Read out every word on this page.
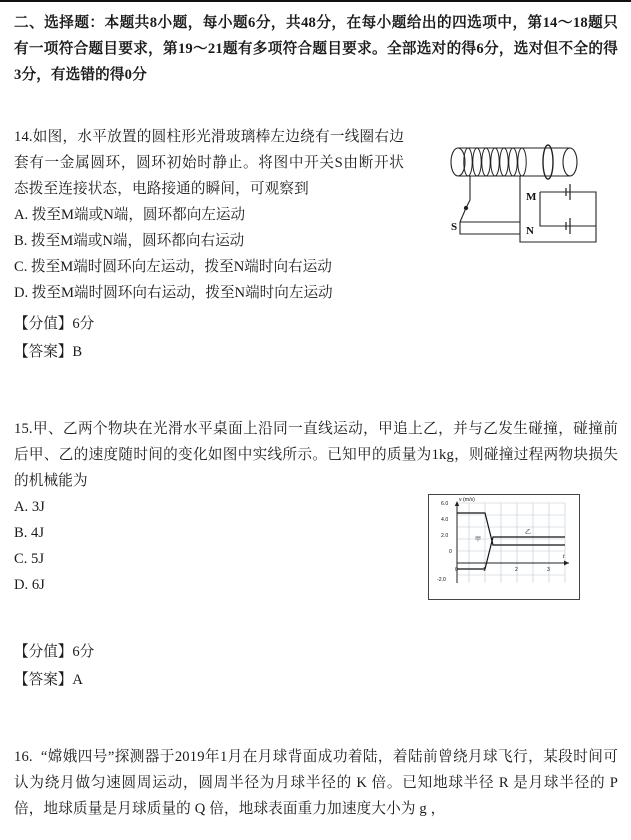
二、选择题：本题共8小题，每小题6分，共48分，在每小题给出的四选项中，第14～18题只有一项符合题目要求，第19～21题有多项符合题目要求。全部选对的得6分，选对但不全的得3分，有选错的得0分

M
N
S

14.如图，水平放置的圆柱形光滑玻璃棒左边绕有一线圈右边套有一金属圆环，圆环初始时静止。将图中开关S由断开状态拨至连接状态，电路接通的瞬间，可观察到

A. 拨至M端或N端，圆环都向左运动

B. 拨至M端或N端，圆环都向右运动

C. 拨至M端时圆环向左运动，拨至N端时向右运动

D. 拨至M端时圆环向右运动，拨至N端时向左运动

【分值】6分

【答案】B

15.甲、乙两个物块在光滑水平桌面上沿同一直线运动，甲追上乙，并与乙发生碰撞，碰撞前后甲、乙的速度随时间的变化如图中实线所示。已知甲的质量为1kg，则碰撞过程两物块损失的机械能为

A. 3J

B. 4J

C. 5J

D. 6J

6.0
4.0
2.0
0
-2.0
v (m/s)
0	1	2	3
t
甲
乙

【分值】6分

【答案】A

16. “嫦娥四号”探测器于2019年1月在月球背面成功着陆，着陆前曾绕月球飞行，某段时间可认为绕月做匀速圆周运动，圆周半径为月球半径的 K 倍。已知地球半径 R 是月球半径的 P 倍，地球质量是月球质量的 Q 倍，地球表面重力加速度大小为 g ，
